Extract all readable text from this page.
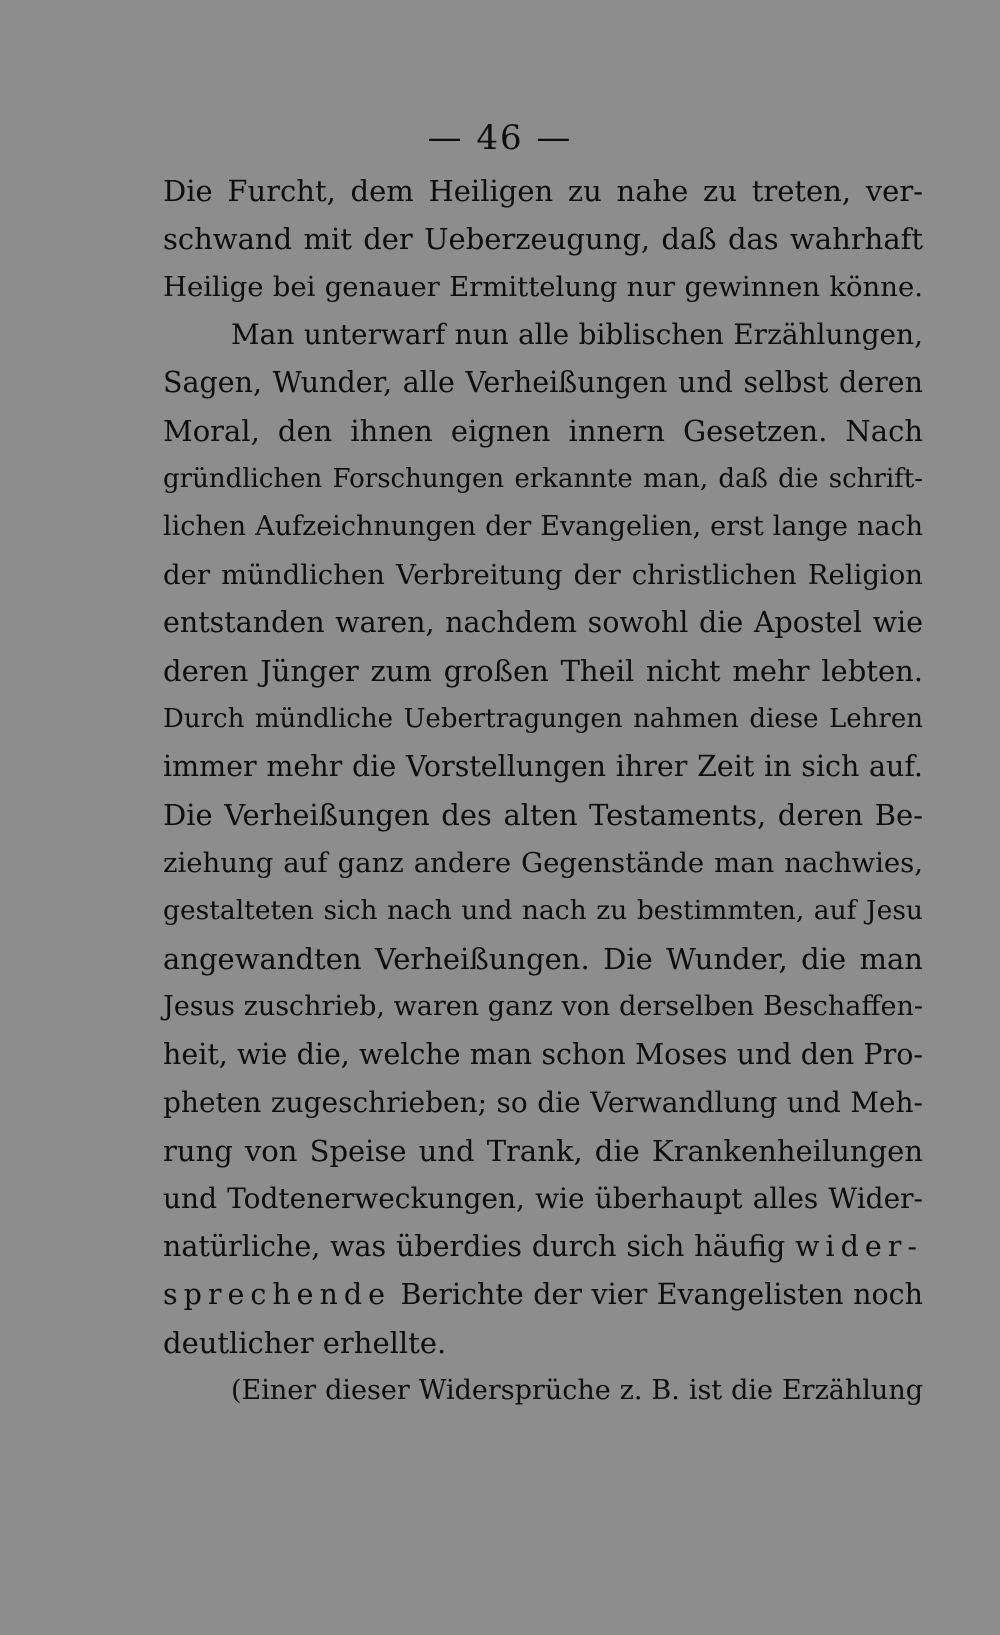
— 46 —
Die Furcht, dem Heiligen zu nahe zu treten, ver-
schwand mit der Ueberzeugung, daß das wahrhaft
Heilige bei genauer Ermittelung nur gewinnen könne.
Man unterwarf nun alle biblischen Erzählungen,
Sagen, Wunder, alle Verheißungen und selbst deren
Moral, den ihnen eignen innern Gesetzen. Nach
gründlichen Forschungen erkannte man, daß die schrift-
lichen Aufzeichnungen der Evangelien, erst lange nach
der mündlichen Verbreitung der christlichen Religion
entstanden waren, nachdem sowohl die Apostel wie
deren Jünger zum großen Theil nicht mehr lebten.
Durch mündliche Uebertragungen nahmen diese Lehren
immer mehr die Vorstellungen ihrer Zeit in sich auf.
Die Verheißungen des alten Testaments, deren Be-
ziehung auf ganz andere Gegenstände man nachwies,
gestalteten sich nach und nach zu bestimmten, auf Jesu
angewandten Verheißungen. Die Wunder, die man
Jesus zuschrieb, waren ganz von derselben Beschaffen-
heit, wie die, welche man schon Moses und den Pro-
pheten zugeschrieben; so die Verwandlung und Meh-
rung von Speise und Trank, die Krankenheilungen
und Todtenerweckungen, wie überhaupt alles Wider-
natürliche, was überdies durch sich häufig wider-
sprechende Berichte der vier Evangelisten noch
deutlicher erhellte.
(Einer dieser Widersprüche z. B. ist die Erzählung
